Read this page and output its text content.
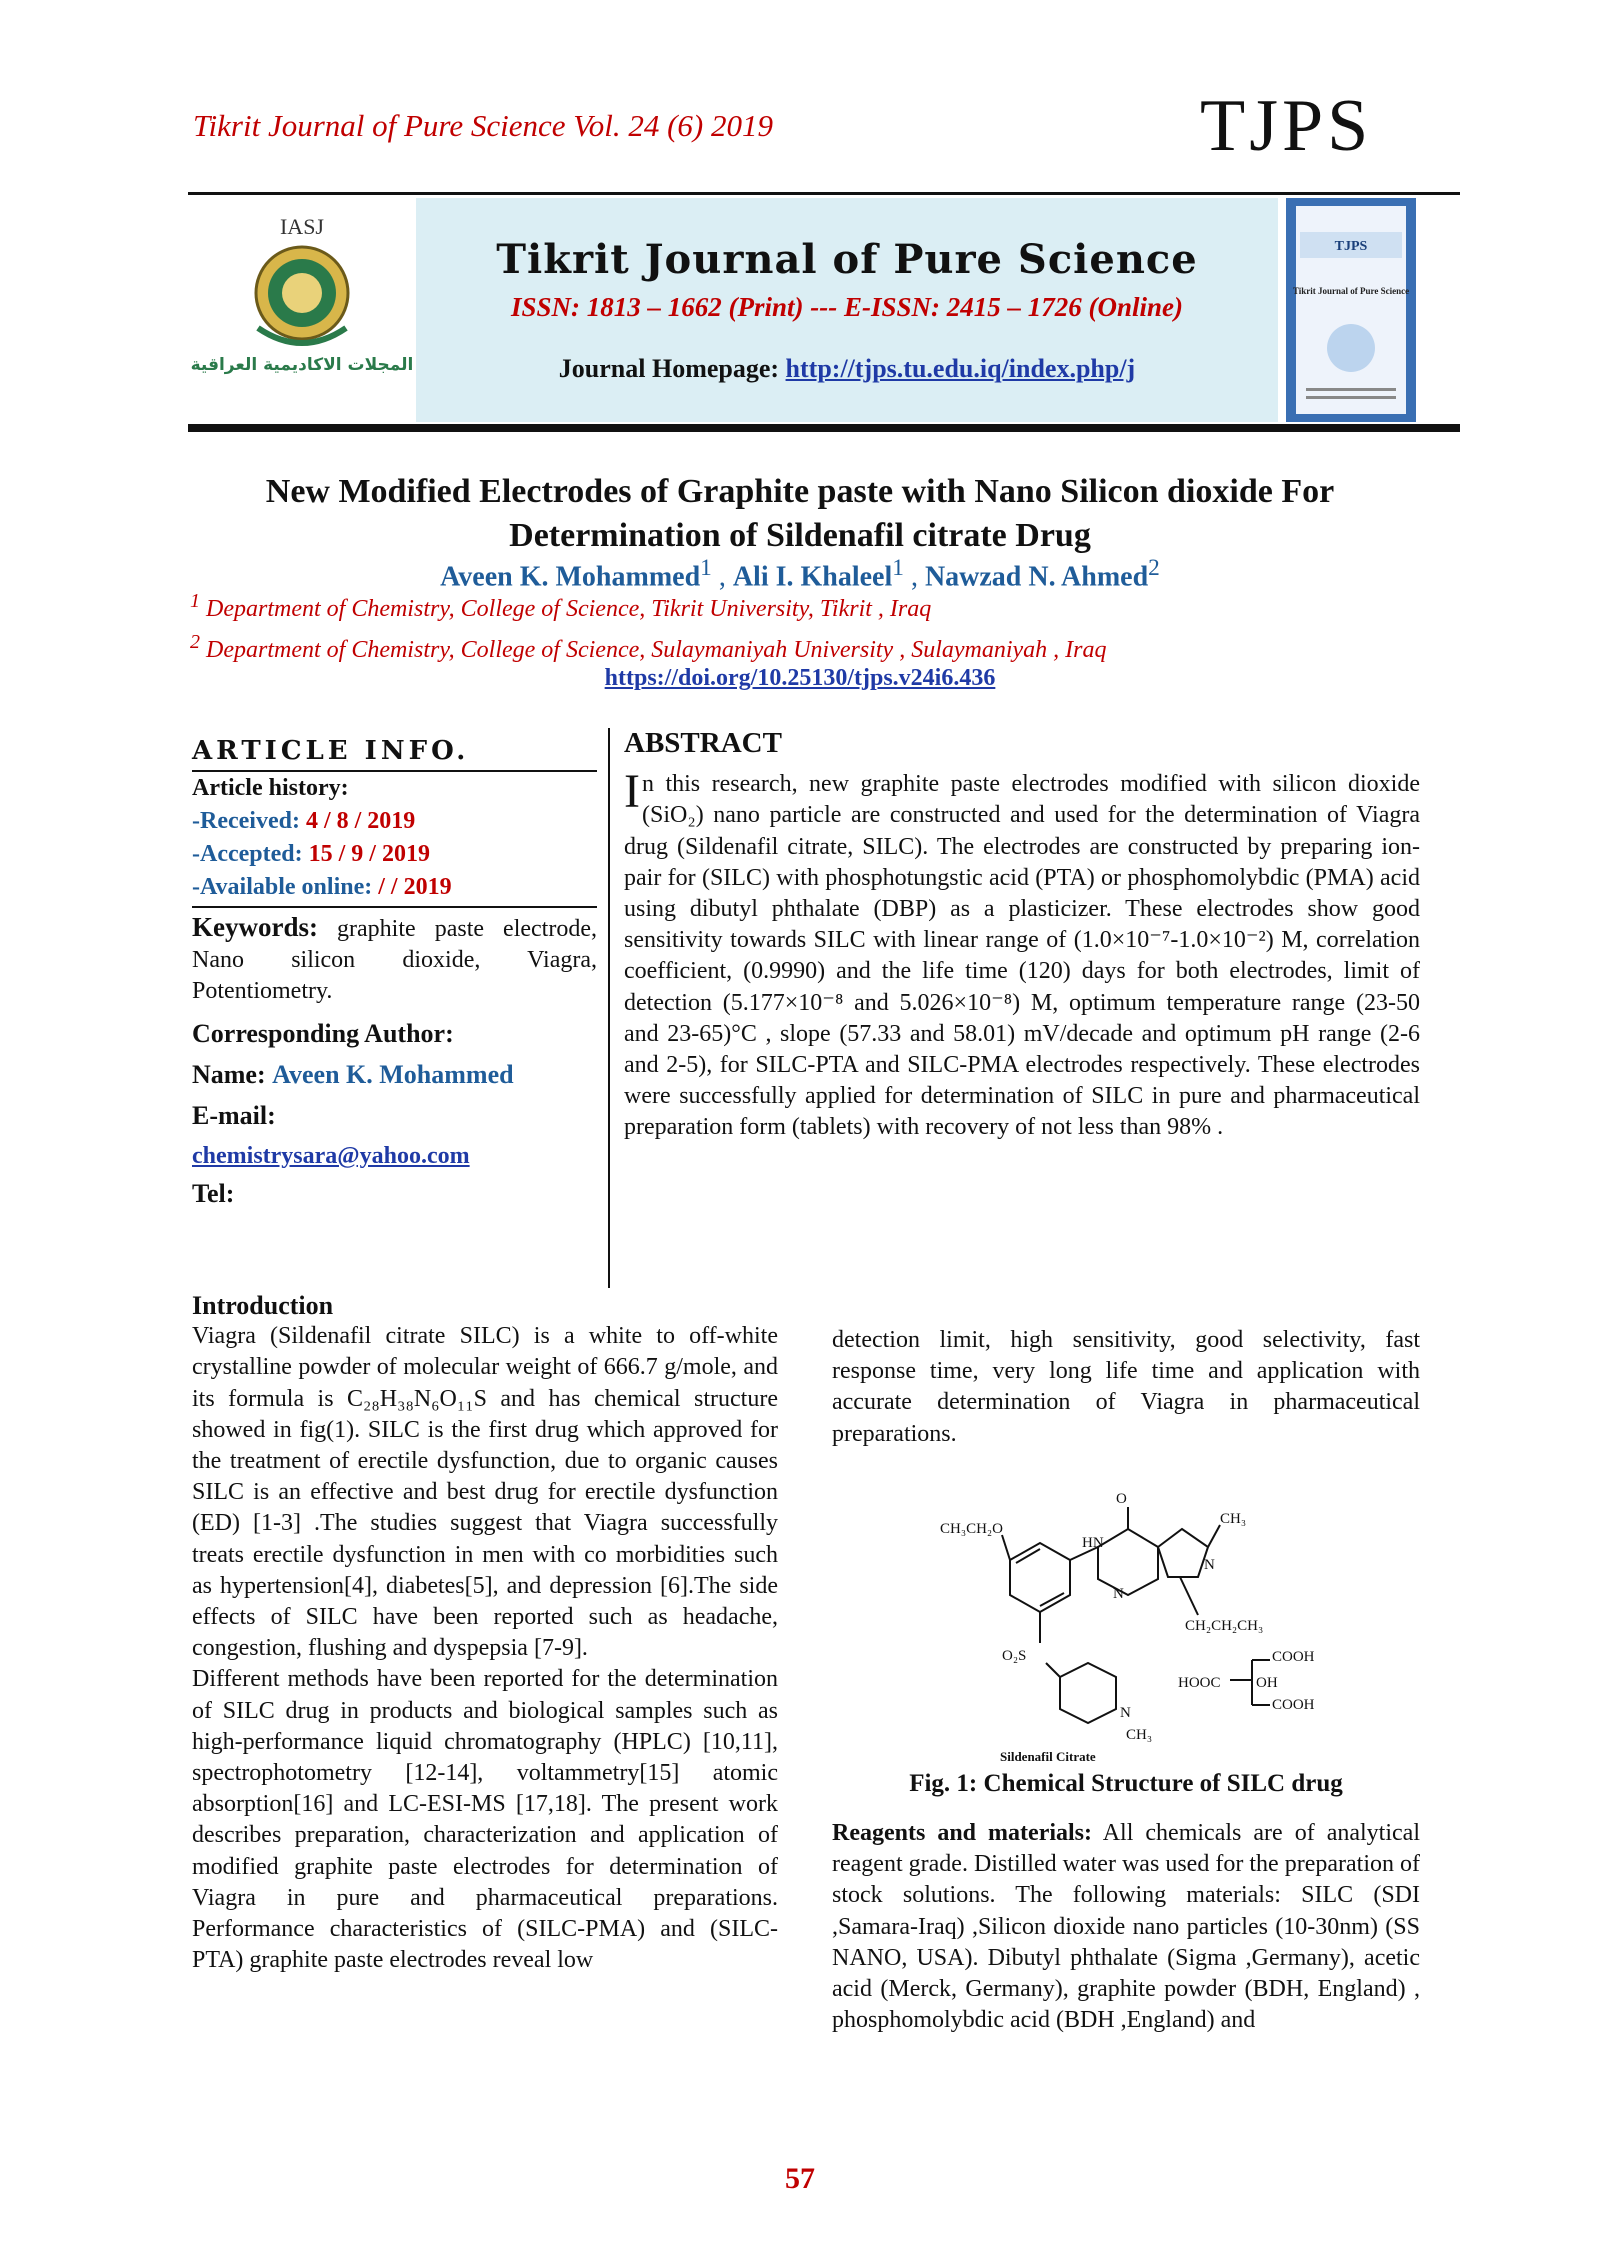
Tikrit Journal of Pure Science Vol. 24 (6) 2019	TJPS
IASJ
المجلات الاكاديمية العراقية
Tikrit Journal of Pure Science
ISSN: 1813 – 1662 (Print) --- E-ISSN: 2415 – 1726 (Online)
Journal Homepage: http://tjps.tu.edu.iq/index.php/j
TJPS
Tikrit Journal of Pure Science
New Modified Electrodes of Graphite paste with Nano Silicon dioxide For
Determination of Sildenafil citrate Drug
Aveen K. Mohammed$^1$ , Ali I. Khaleel$^1$ , Nawzad N. Ahmed$^2$
$^1$ Department of Chemistry, College of Science, Tikrit University, Tikrit , Iraq
$^2$ Department of Chemistry, College of Science, Sulaymaniyah University , Sulaymaniyah , Iraq
https://doi.org/10.25130/tjps.v24i6.436
ARTICLE INFO.
Article history:
-Received: 4 / 8 / 2019
-Accepted: 15 / 9 / 2019
-Available online: / / 2019
Keywords: graphite paste electrode, Nano silicon dioxide, Viagra, Potentiometry.
Corresponding Author:
Name: Aveen K. Mohammed
E-mail:
chemistrysara@yahoo.com
Tel:
ABSTRACT

In this research, new graphite paste electrodes modified with silicon dioxide (SiO₂) nano particle are constructed and used for the determination of Viagra drug (Sildenafil citrate, SILC). The electrodes are constructed by preparing ion-pair for (SILC) with phosphotungstic acid (PTA) or phosphomolybdic (PMA) acid using dibutyl phthalate (DBP) as a plasticizer. These electrodes show good sensitivity towards SILC with linear range of (1.0×10⁻⁷-1.0×10⁻²) M, correlation coefficient, (0.9990) and the life time (120) days for both electrodes, limit of detection (5.177×10⁻⁸ and 5.026×10⁻⁸) M, optimum temperature range (23-50 and 23-65)°C , slope (57.33 and 58.01) mV/decade and optimum pH range (2-6 and 2-5), for SILC-PTA and SILC-PMA electrodes respectively. These electrodes were successfully applied for determination of SILC in pure and pharmaceutical preparation form (tablets) with recovery of not less than 98% .

Introduction

Viagra (Sildenafil citrate SILC) is a white to off-white crystalline powder of molecular weight of 666.7 g/mole, and its formula is C₂₈H₃₈N₆O₁₁S and has chemical structure showed in fig(1). SILC is the first drug which approved for the treatment of erectile dysfunction, due to organic causes SILC is an effective and best drug for erectile dysfunction (ED) [1-3] .The studies suggest that Viagra successfully treats erectile dysfunction in men with co morbidities such as hypertension[4], diabetes[5], and depression [6].The side effects of SILC have been reported such as headache, congestion, flushing and dyspepsia [7-9].

Different methods have been reported for the determination of SILC drug in products and biological samples such as high-performance liquid chromatography (HPLC) [10,11], spectrophotometry [12-14], voltammetry[15] atomic absorption[16] and LC-ESI-MS [17,18]. The present work describes preparation, characterization and application of modified graphite paste electrodes for determination of Viagra in pure and pharmaceutical preparations. Performance characteristics of (SILC-PMA) and (SILC-PTA) graphite paste electrodes reveal low

detection limit, high sensitivity, good selectivity, fast response time, very long life time and application with accurate determination of Viagra in pharmaceutical preparations.

CH₃CH₂O
O
HN
CH₃
N
N
CH₂CH₂CH₃
O₂S
N
CH₃
HOOC OH
COOH
COOH
Sildenafil Citrate
Fig. 1: Chemical Structure of SILC drug

Reagents and materials: All chemicals are of analytical reagent grade. Distilled water was used for the preparation of stock solutions. The following materials: SILC (SDI ,Samara-Iraq) ,Silicon dioxide nano particles (10-30nm) (SS NANO, USA). Dibutyl phthalate (Sigma ,Germany), acetic acid (Merck, Germany), graphite powder (BDH, England) , phosphomolybdic acid (BDH ,England) and

57
